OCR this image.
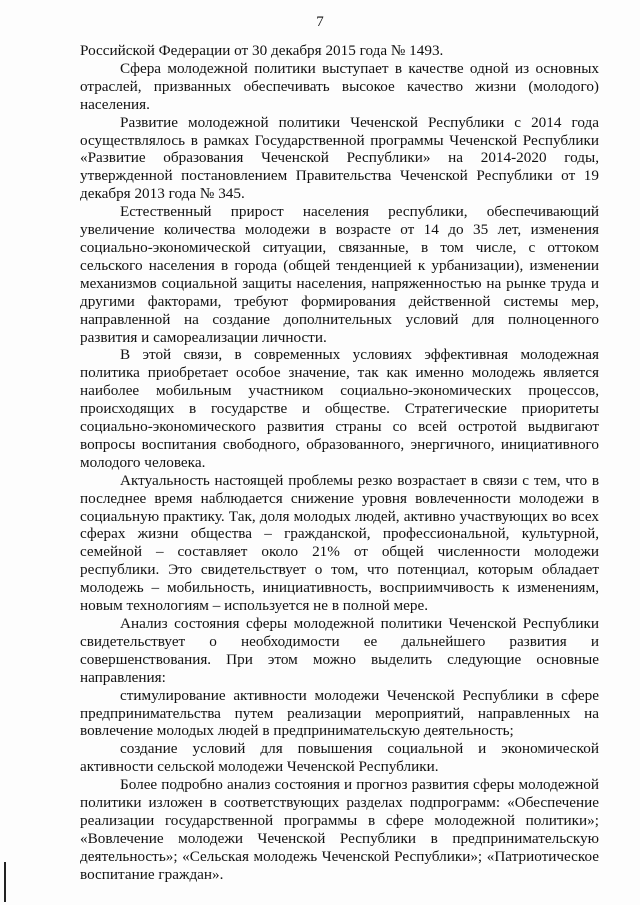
7

Российской Федерации от 30 декабря 2015 года № 1493.

Сфера молодежной политики выступает в качестве одной из основных отраслей, призванных обеспечивать высокое качество жизни (молодого) населения.

Развитие молодежной политики Чеченской Республики с 2014 года осуществлялось в рамках Государственной программы Чеченской Республики «Развитие образования Чеченской Республики» на 2014-2020 годы, утвержденной постановлением Правительства Чеченской Республики от 19 декабря 2013 года № 345.

Естественный прирост населения республики, обеспечивающий увеличение количества молодежи в возрасте от 14 до 35 лет, изменения социально-экономической ситуации, связанные, в том числе, с оттоком сельского населения в города (общей тенденцией к урбанизации), изменении механизмов социальной защиты населения, напряженностью на рынке труда и другими факторами, требуют формирования действенной системы мер, направленной на создание дополнительных условий для полноценного развития и самореализации личности.

В этой связи, в современных условиях эффективная молодежная политика приобретает особое значение, так как именно молодежь является наиболее мобильным участником социально-экономических процессов, происходящих в государстве и обществе. Стратегические приоритеты социально-экономического развития страны со всей остротой выдвигают вопросы воспитания свободного, образованного, энергичного, инициативного молодого человека.

Актуальность настоящей проблемы резко возрастает в связи с тем, что в последнее время наблюдается снижение уровня вовлеченности молодежи в социальную практику. Так, доля молодых людей, активно участвующих во всех сферах жизни общества – гражданской, профессиональной, культурной, семейной – составляет около 21% от общей численности молодежи республики. Это свидетельствует о том, что потенциал, которым обладает молодежь – мобильность, инициативность, восприимчивость к изменениям, новым технологиям – используется не в полной мере.

Анализ состояния сферы молодежной политики Чеченской Республики свидетельствует о необходимости ее дальнейшего развития и совершенствования. При этом можно выделить следующие основные направления:

стимулирование активности молодежи Чеченской Республики в сфере предпринимательства путем реализации мероприятий, направленных на вовлечение молодых людей в предпринимательскую деятельность;

создание условий для повышения социальной и экономической активности сельской молодежи Чеченской Республики.

Более подробно анализ состояния и прогноз развития сферы молодежной политики изложен в соответствующих разделах подпрограмм: «Обеспечение реализации государственной программы в сфере молодежной политики»; «Вовлечение молодежи Чеченской Республики в предпринимательскую деятельность»; «Сельская молодежь Чеченской Республики»; «Патриотическое воспитание граждан».
